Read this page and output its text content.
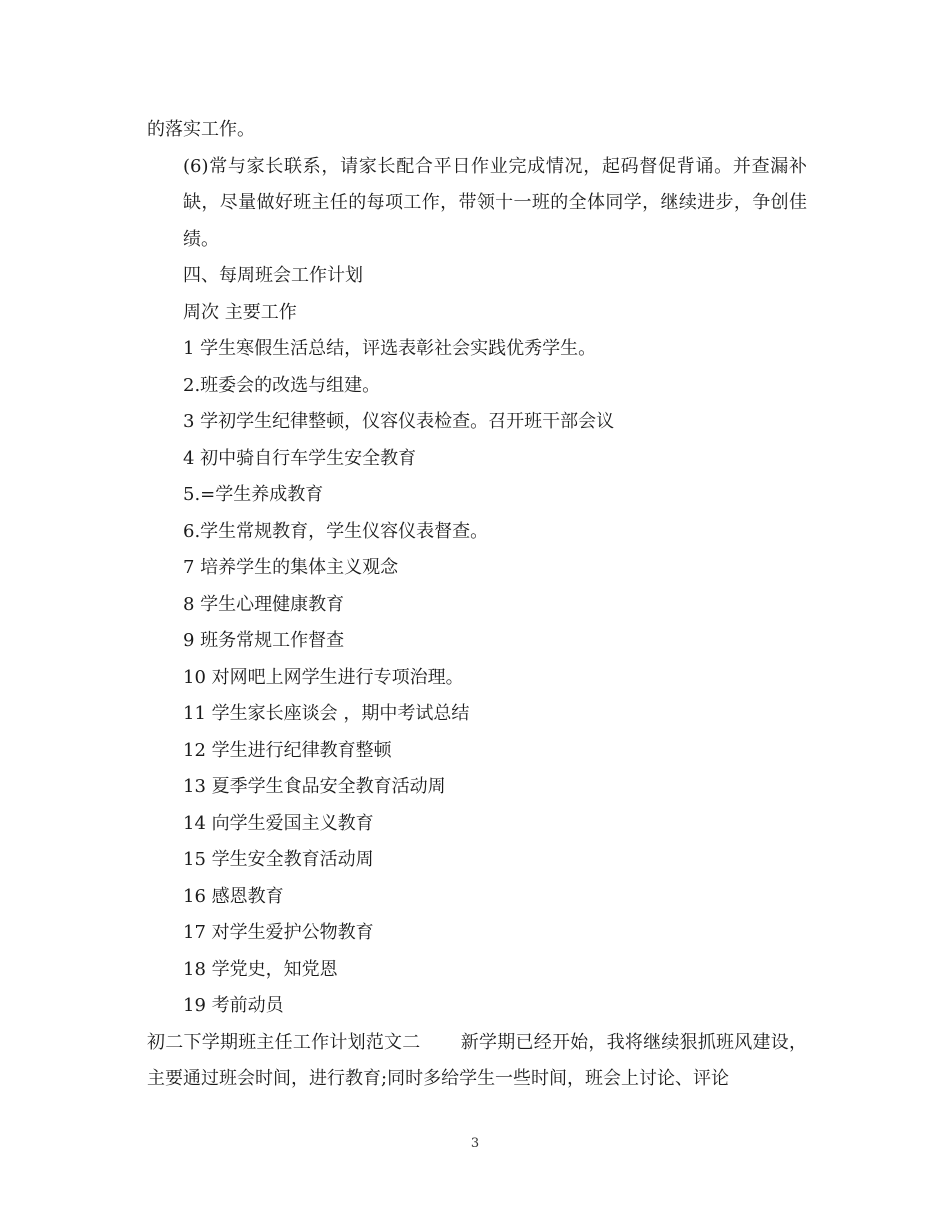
的落实工作。

(6)常与家长联系，请家长配合平日作业完成情况，起码督促背诵。并查漏补缺，尽量做好班主任的每项工作，带领十一班的全体同学，继续进步，争创佳绩。

四、每周班会工作计划

周次 主要工作

1 学生寒假生活总结，评选表彰社会实践优秀学生。

2.班委会的改选与组建。

3 学初学生纪律整顿，仪容仪表检查。召开班干部会议

4 初中骑自行车学生安全教育

5.=学生养成教育

6.学生常规教育，学生仪容仪表督查。

7 培养学生的集体主义观念

8 学生心理健康教育

9 班务常规工作督查

10 对网吧上网学生进行专项治理。

11 学生家长座谈会 ，期中考试总结

12 学生进行纪律教育整顿

13 夏季学生食品安全教育活动周

14 向学生爱国主义教育

15 学生安全教育活动周

16 感恩教育

17 对学生爱护公物教育

18 学党史，知党恩

19 考前动员

初二下学期班主任工作计划范文二 新学期已经开始，我将继续狠抓班风建设，主要通过班会时间，进行教育;同时多给学生一些时间，班会上讨论、评论

3
